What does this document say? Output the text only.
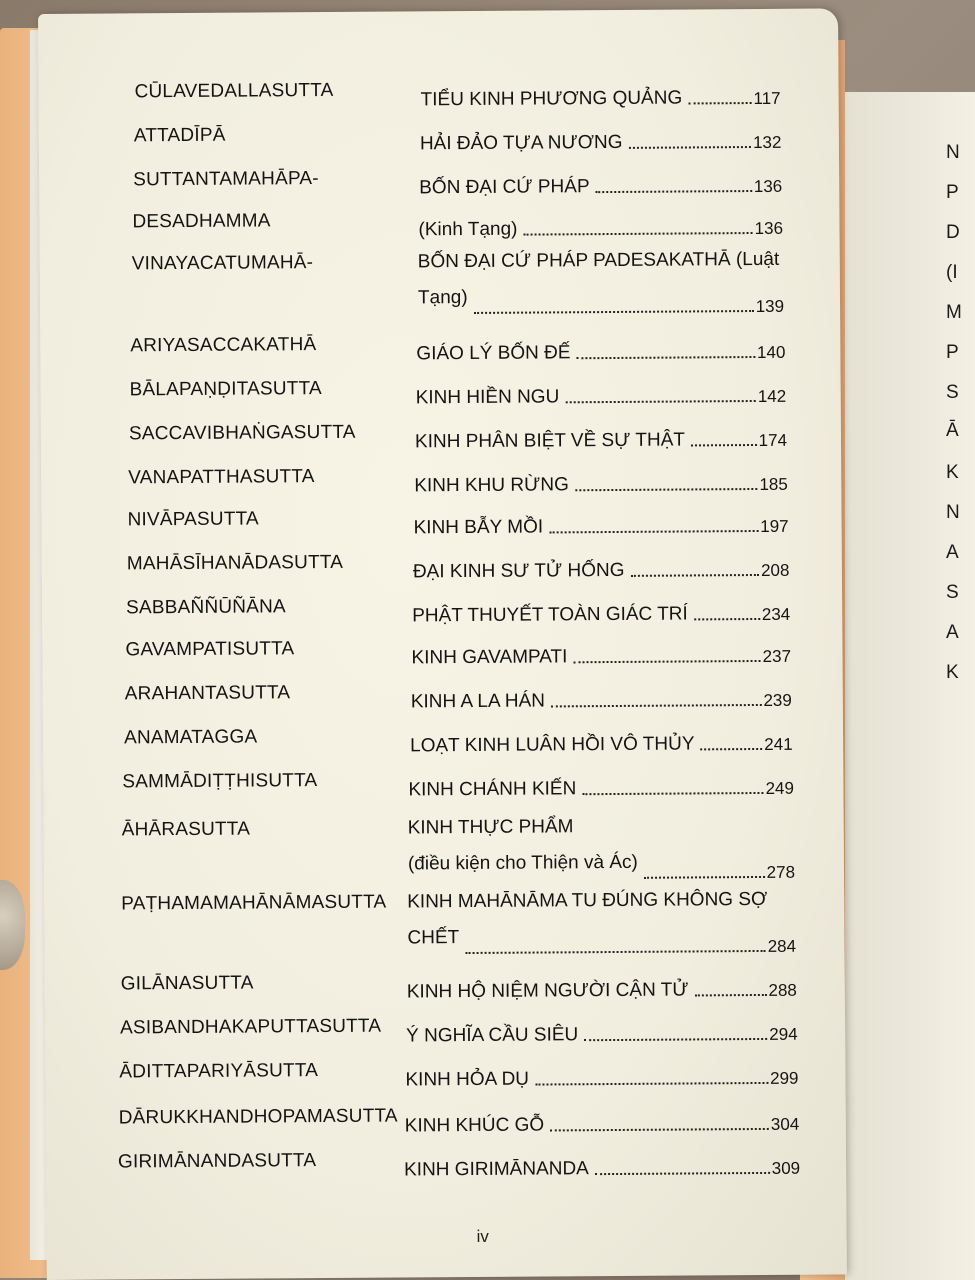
N
P
D
(I
M
P
S
Ā
K
N
A
S
A
K
CŪLAVEDALLASUTTA	TIỂU KINH PHƯƠNG QUẢNG	117
ATTADĪPĀ	HẢI ĐẢO TỰA NƯƠNG	132
SUTTANTAMAHĀPA-	BỐN ĐẠI CỨ PHÁP	136
DESADHAMMA	(Kinh Tạng)	136
VINAYACATUMAHĀ-	BỐN ĐẠI CỨ PHÁP PADESAKATHĀ (Luật
Tạng)	139
ARIYASACCAKATHĀ	GIÁO LÝ BỐN ĐẾ	140
BĀLAPAṆḌITASUTTA	KINH HIỀN NGU	142
SACCAVIBHAṄGASUTTA	KINH PHÂN BIỆT VỀ SỰ THẬT	174
VANAPATTHASUTTA	KINH KHU RỪNG	185
NIVĀPASUTTA	KINH BẪY MỒI	197
MAHĀSĪHANĀDASUTTA	ĐẠI KINH SƯ TỬ HỐNG	208
SABBAÑÑŪÑĀNA	PHẬT THUYẾT TOÀN GIÁC TRÍ	234
GAVAMPATISUTTA	KINH GAVAMPATI	237
ARAHANTASUTTA	KINH A LA HÁN	239
ANAMATAGGA	LOẠT KINH LUÂN HỒI VÔ THỦY	241
SAMMĀDIṬṬHISUTTA	KINH CHÁNH KIẾN	249
ĀHĀRASUTTA	KINH THỰC PHẨM
(điều kiện cho Thiện và Ác)	278
PAṬHAMAMAHĀNĀMASUTTA KINH MAHĀNĀMA TU ĐÚNG KHÔNG SỢ
CHẾT	284
GILĀNASUTTA	KINH HỘ NIỆM NGƯỜI CẬN TỬ	288
ASIBANDHAKAPUTTASUTTA Ý NGHĨA CẦU SIÊU	294
ĀDITTAPARIYĀSUTTA	KINH HỎA DỤ	299
DĀRUKKHANDHOPAMASUTTA KINH KHÚC GỖ	304
GIRIMĀNANDASUTTA	KINH GIRIMĀNANDA	309
iv
